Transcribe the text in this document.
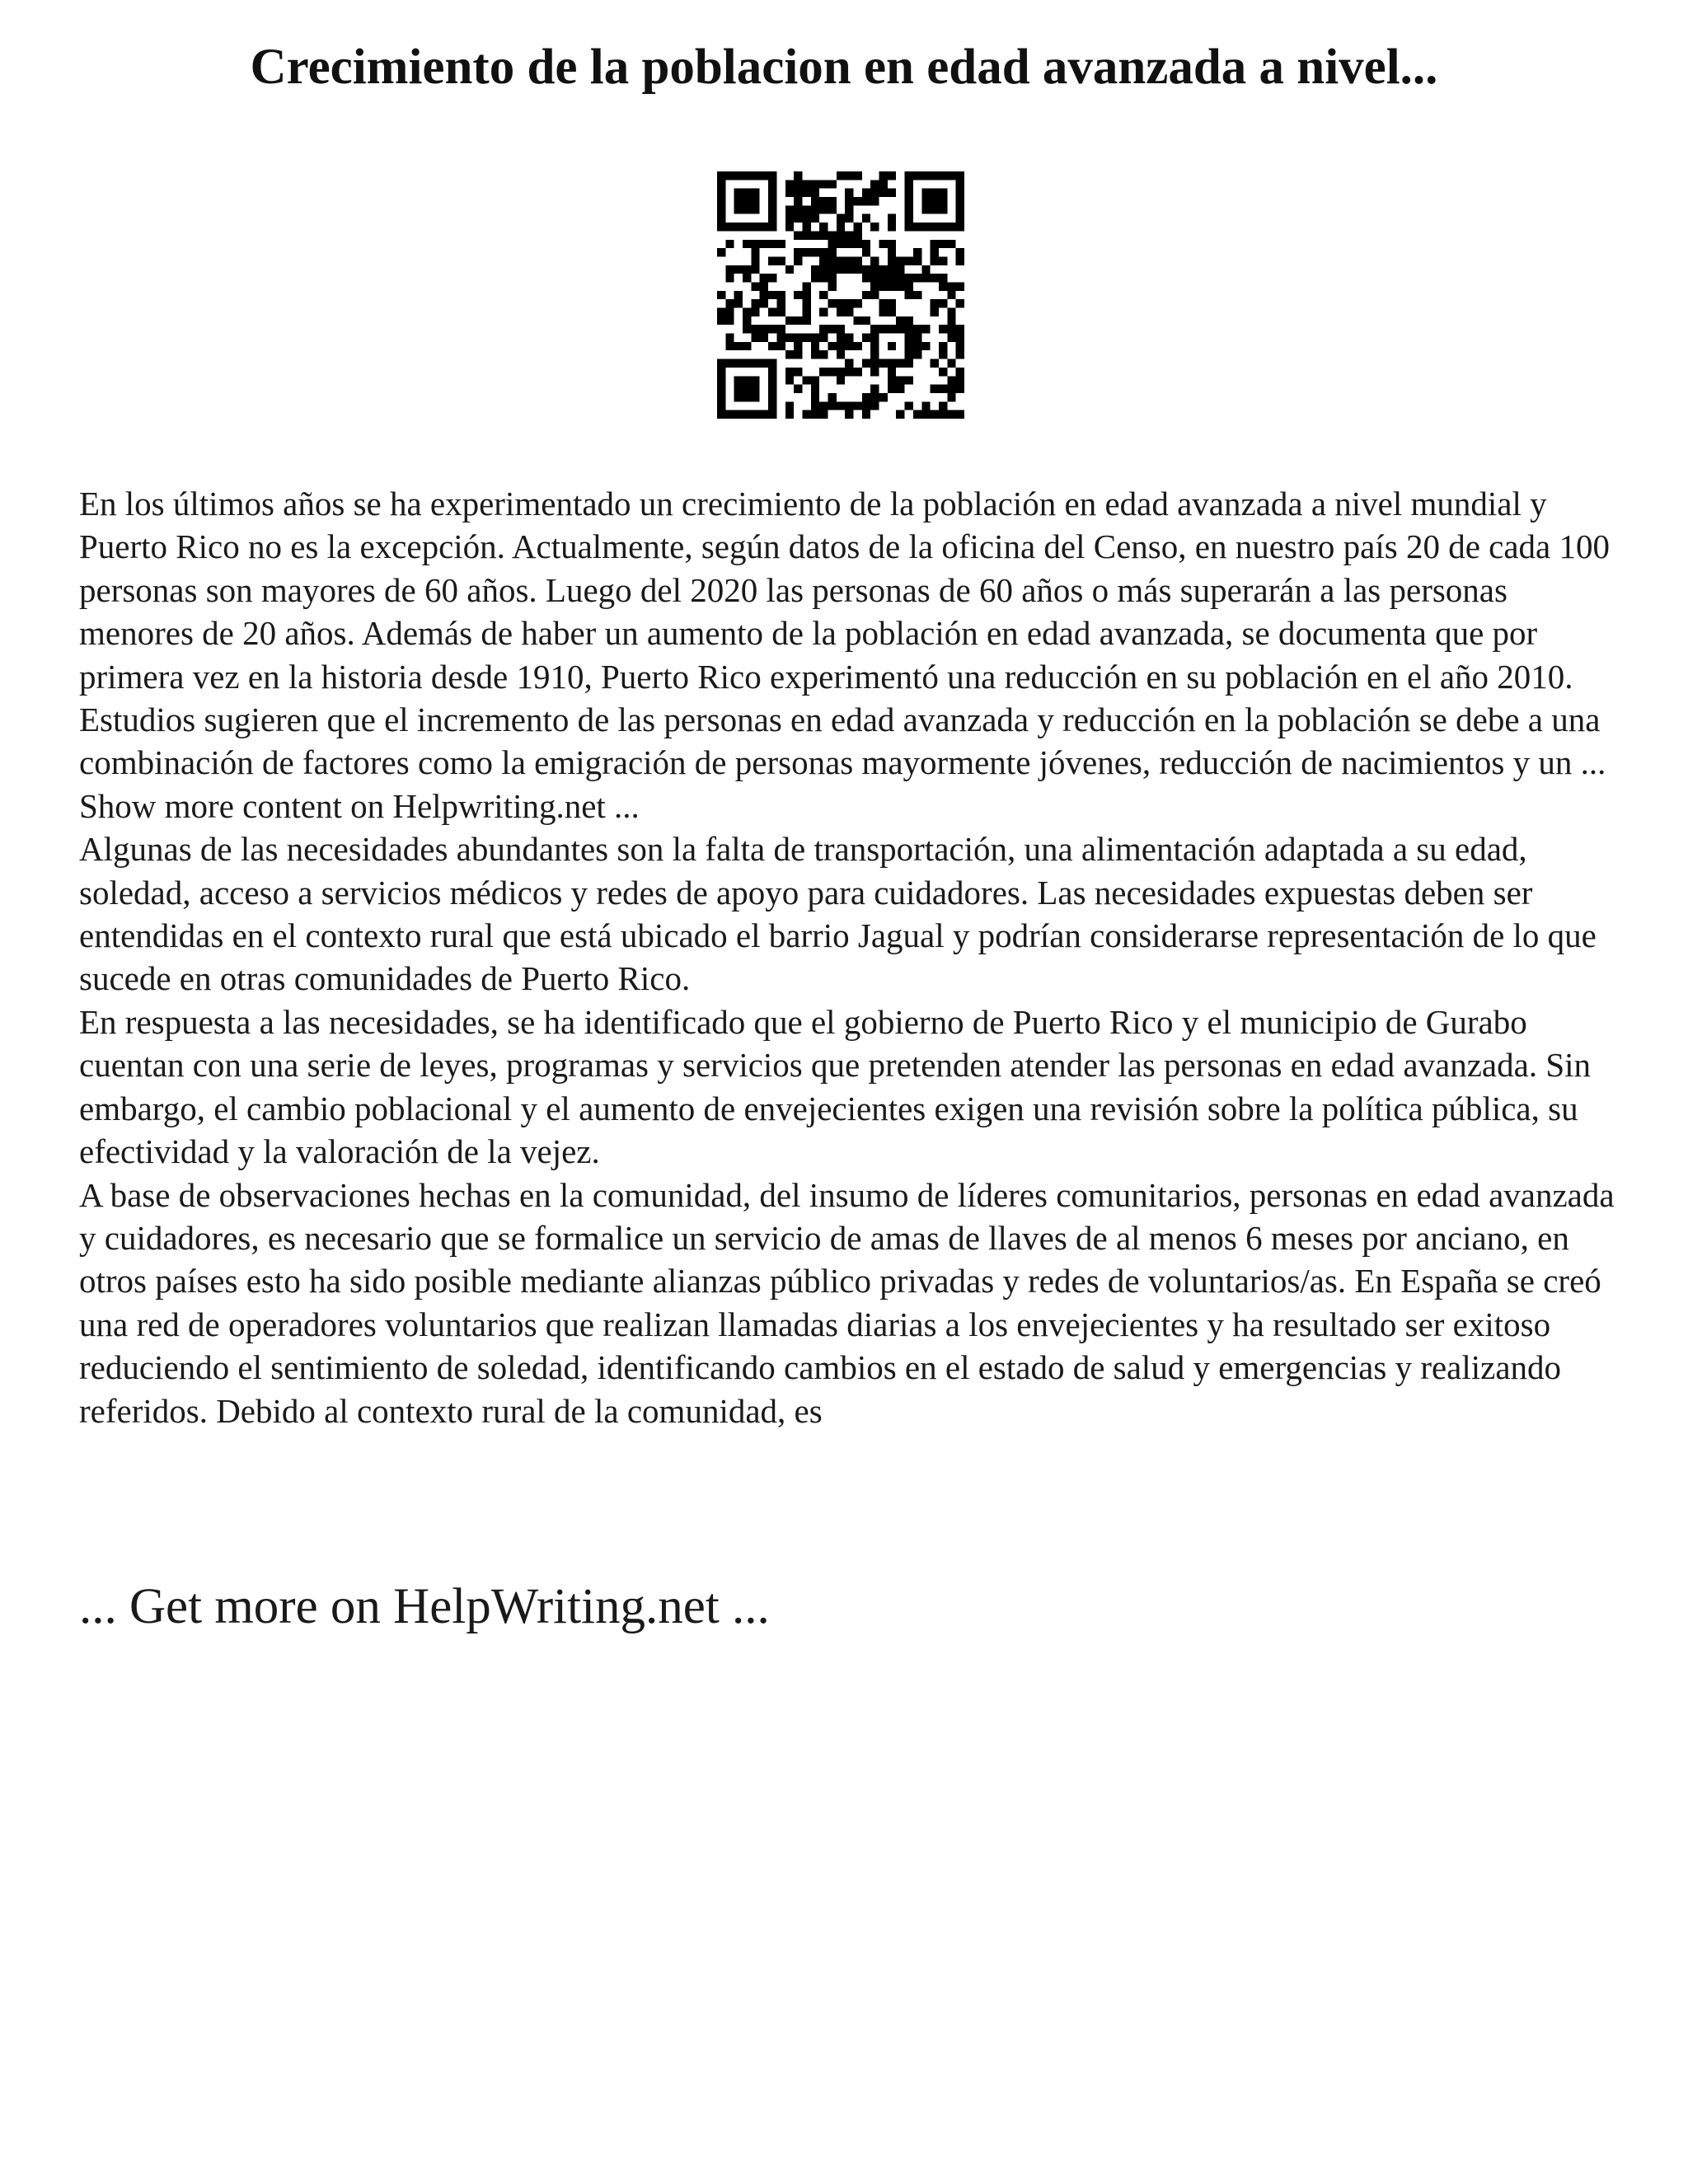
Crecimiento de la poblacion en edad avanzada a nivel...

En los últimos años se ha experimentado un crecimiento de la población en edad avanzada a nivel mundial y Puerto Rico no es la excepción. Actualmente, según datos de la oficina del Censo, en nuestro país 20 de cada 100 personas son mayores de 60 años. Luego del 2020 las personas de 60 años o más superarán a las personas menores de 20 años. Además de haber un aumento de la población en edad avanzada, se documenta que por primera vez en la historia desde 1910, Puerto Rico experimentó una reducción en su población en el año 2010. Estudios sugieren que el incremento de las personas en edad avanzada y reducción en la población se debe a una combinación de factores como la emigración de personas mayormente jóvenes, reducción de nacimientos y un ... Show more content on Helpwriting.net ...

Algunas de las necesidades abundantes son la falta de transportación, una alimentación adaptada a su edad, soledad, acceso a servicios médicos y redes de apoyo para cuidadores. Las necesidades expuestas deben ser entendidas en el contexto rural que está ubicado el barrio Jagual y podrían considerarse representación de lo que sucede en otras comunidades de Puerto Rico.

En respuesta a las necesidades, se ha identificado que el gobierno de Puerto Rico y el municipio de Gurabo cuentan con una serie de leyes, programas y servicios que pretenden atender las personas en edad avanzada. Sin embargo, el cambio poblacional y el aumento de envejecientes exigen una revisión sobre la política pública, su efectividad y la valoración de la vejez.

A base de observaciones hechas en la comunidad, del insumo de líderes comunitarios, personas en edad avanzada y cuidadores, es necesario que se formalice un servicio de amas de llaves de al menos 6 meses por anciano, en otros países esto ha sido posible mediante alianzas público privadas y redes de voluntarios/as. En España se creó una red de operadores voluntarios que realizan llamadas diarias a los envejecientes y ha resultado ser exitoso reduciendo el sentimiento de soledad, identificando cambios en el estado de salud y emergencias y realizando referidos. Debido al contexto rural de la comunidad, es

... Get more on HelpWriting.net ...
